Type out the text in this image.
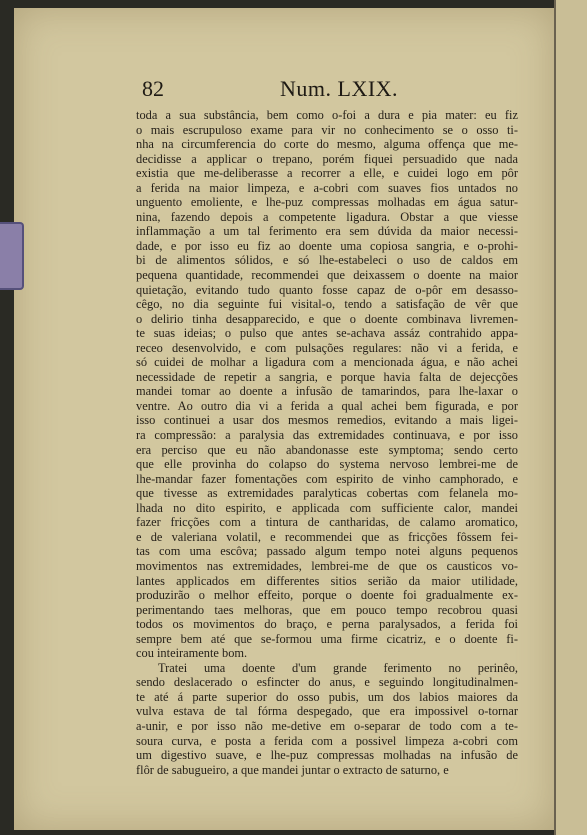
82	Num. LXIX.
toda a sua substância, bem como o-foi a dura e pia mater: eu fiz
o mais escrupuloso exame para vir no conhecimento se o osso ti-
nha na circumferencia do corte do mesmo, alguma offença que me-
decidisse a applicar o trepano, porém fiquei persuadido que nada
existia que me-deliberasse a recorrer a elle, e cuidei logo em pôr
a ferida na maior limpeza, e a-cobri com suaves fios untados no
unguento emoliente, e lhe-puz compressas molhadas em água satur-
nina, fazendo depois a competente ligadura. Obstar a que viesse
inflammação a um tal ferimento era sem dúvida da maior necessi-
dade, e por isso eu fiz ao doente uma copiosa sangria, e o-prohi-
bi de alimentos sólidos, e só lhe-estabeleci o uso de caldos em
pequena quantidade, recommendei que deixassem o doente na maior
quietação, evitando tudo quanto fosse capaz de o-pôr em desasso-
cêgo, no dia seguinte fui visital-o, tendo a satisfação de vêr que
o delirio tinha desapparecido, e que o doente combinava livremen-
te suas ideias; o pulso que antes se-achava assáz contrahido appa-
receo desenvolvido, e com pulsações regulares: não vi a ferida, e
só cuidei de molhar a ligadura com a mencionada água, e não achei
necessidade de repetir a sangria, e porque havia falta de dejecções
mandei tomar ao doente a infusão de tamarindos, para lhe-laxar o
ventre. Ao outro dia vi a ferida a qual achei bem figurada, e por
isso continuei a usar dos mesmos remedios, evitando a mais ligei-
ra compressão: a paralysia das extremidades continuava, e por isso
era perciso que eu não abandonasse este symptoma; sendo certo
que elle provinha do colapso do systema nervoso lembrei-me de
lhe-mandar fazer fomentações com espirito de vinho camphorado, e
que tivesse as extremidades paralyticas cobertas com felanela mo-
lhada no dito espirito, e applicada com sufficiente calor, mandei
fazer fricções com a tintura de cantharidas, de calamo aromatico,
e de valeriana volatil, e recommendei que as fricções fôssem fei-
tas com uma escôva; passado algum tempo notei alguns pequenos
movimentos nas extremidades, lembrei-me de que os causticos vo-
lantes applicados em differentes sitios serião da maior utilidade,
produzirão o melhor effeito, porque o doente foi gradualmente ex-
perimentando taes melhoras, que em pouco tempo recobrou quasi
todos os movimentos do braço, e perna paralysados, a ferida foi
sempre bem até que se-formou uma firme cicatriz, e o doente fi-
cou inteiramente bom.
Tratei uma doente d'um grande ferimento no perinêo,
sendo deslacerado o esfincter do anus, e seguindo longitudinalmen-
te até á parte superior do osso pubis, um dos labios maiores da
vulva estava de tal fórma despegado, que era impossivel o-tornar
a-unir, e por isso não me-detive em o-separar de todo com a te-
soura curva, e posta a ferida com a possivel limpeza a-cobri com
um digestivo suave, e lhe-puz compressas molhadas na infusão de
flôr de sabugueiro, a que mandei juntar o extracto de saturno, e
